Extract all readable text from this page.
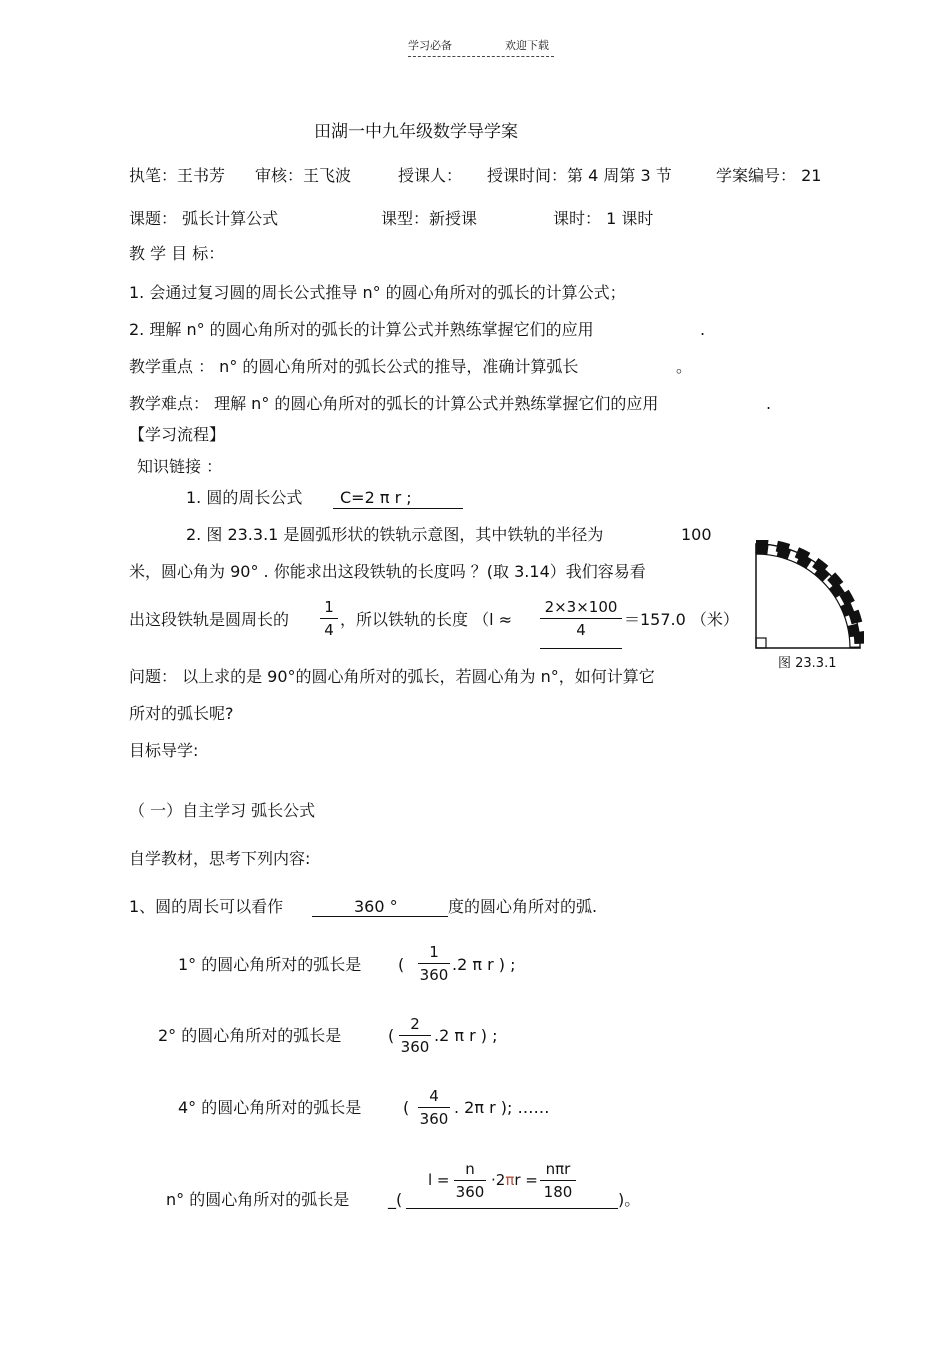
学习必备	欢迎下载
田湖一中九年级数学导学案
执笔：王书芳 审核：王飞波	授课人： 授课时间：第 4 周第 3 节	学案编号： 21
课题： 弧长计算公式	课型：新授课	课时： 1 课时
教 学 目 标：
1. 会通过复习圆的周长公式推导 n° 的圆心角所对的弧长的计算公式；
2. 理解 n° 的圆心角所对的弧长的计算公式并熟练掌握它们的应用	.
教学重点 ： n° 的圆心角所对的弧长公式的推导，准确计算弧长	。
教学难点： 理解 n° 的圆心角所对的弧长的计算公式并熟练掌握它们的应用	.
【学习流程】
知识链接 ：
1. 圆的周长公式 C=2 π r ;
2. 图 23.3.1 是圆弧形状的铁轨示意图，其中铁轨的半径为	100
米，圆心角为 90° . 你能求出这段铁轨的长度吗 ？(取 3.14）我们容易看
出这段铁轨是圆周长的
1
4
，所以铁轨的长度 （l ≈
2×3×100
4
＝157.0 （米）
图 23.3.1
问题： 以上求的是 90°的圆心角所对的弧长，若圆心角为 n°，如何计算它
所对的弧长呢?
目标导学:
（ 一）自主学习 弧长公式
自学教材，思考下列内容:
1、圆的周长可以看作	360 °	度的圆心角所对的弧.
1° 的圆心角所对的弧长是 (
1
360
.2 π r ) ;
2° 的圆心角所对的弧长是	(
2
360
.2 π r ) ;
4° 的圆心角所对的弧长是	(
4
360
. 2π r ); ……
n° 的圆心角所对的弧长是 _(
l =
n
360
·2πr =
nπr
180	)。
